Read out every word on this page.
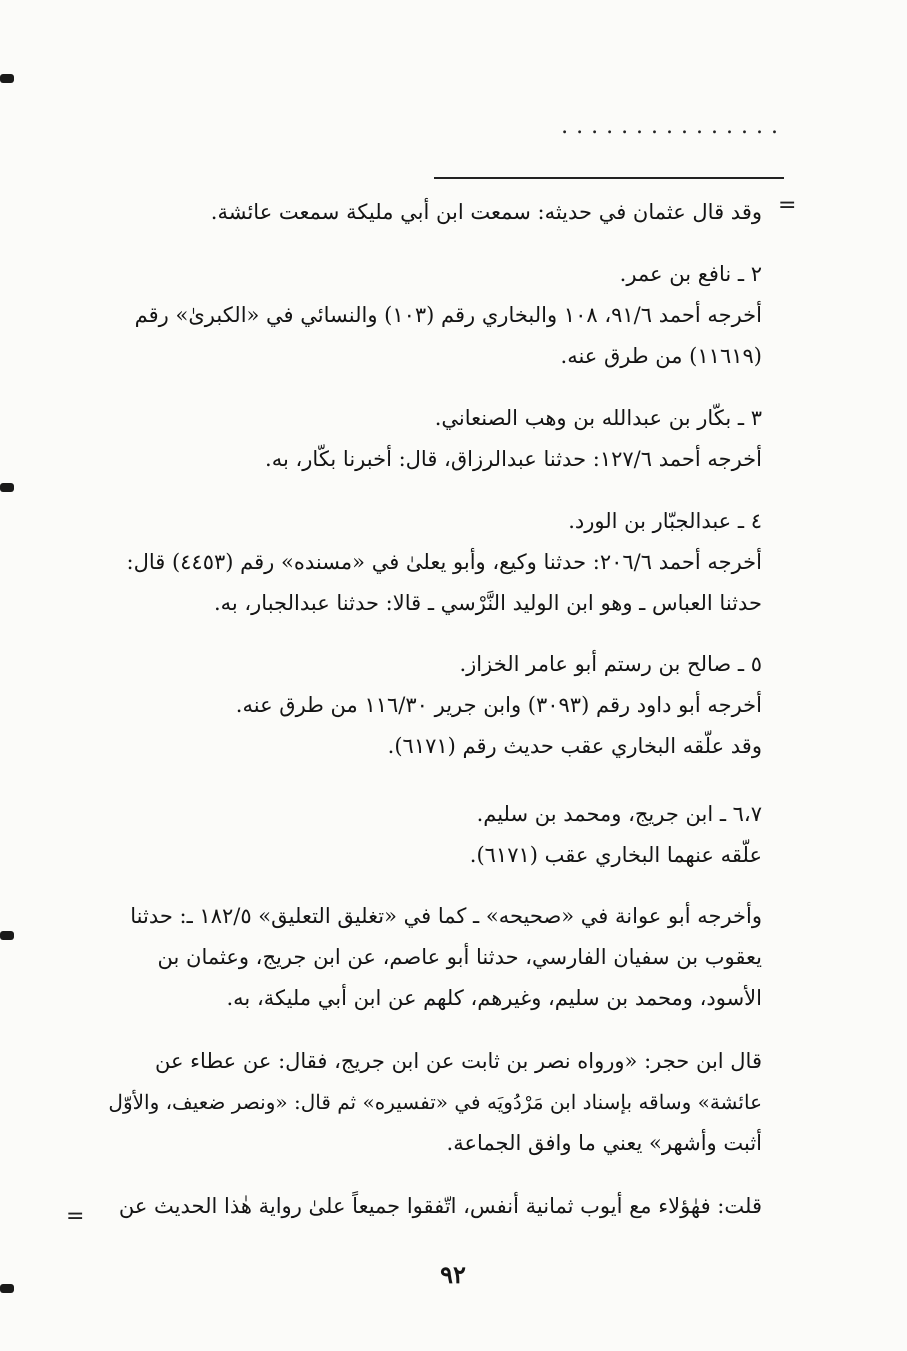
...............
=
وقد قال عثمان في حديثه: سمعت ابن أبي مليكة سمعت عائشة.
٢ ـ نافع بن عمر.
أخرجه أحمد ٩١/٦، ١٠٨ والبخاري رقم (١٠٣) والنسائي في «الكبرىٰ» رقم
(١١٦١٩) من طرق عنه.
٣ ـ بكّار بن عبدالله بن وهب الصنعاني.
أخرجه أحمد ١٢٧/٦: حدثنا عبدالرزاق، قال: أخبرنا بكّار، به.
٤ ـ عبدالجبّار بن الورد.
أخرجه أحمد ٢٠٦/٦: حدثنا وكيع، وأبو يعلىٰ في «مسنده» رقم (٤٤٥٣) قال:
حدثنا العباس ـ وهو ابن الوليد النَّرْسي ـ قالا: حدثنا عبدالجبار، به.
٥ ـ صالح بن رستم أبو عامر الخزاز.
أخرجه أبو داود رقم (٣٠٩٣) وابن جرير ١١٦/٣٠ من طرق عنه.
وقد علّقه البخاري عقب حديث رقم (٦١٧١).
٦،٧ ـ ابن جريج، ومحمد بن سليم.
علّقه عنهما البخاري عقب (٦١٧١).
وأخرجه أبو عوانة في «صحيحه» ـ كما في «تغليق التعليق» ١٨٢/٥ ـ: حدثنا
يعقوب بن سفيان الفارسي، حدثنا أبو عاصم، عن ابن جريج، وعثمان بن
الأسود، ومحمد بن سليم، وغيرهم، كلهم عن ابن أبي مليكة، به.
قال ابن حجر: «ورواه نصر بن ثابت عن ابن جريج، فقال: عن عطاء عن
عائشة» وساقه بإسناد ابن مَرْدُويَه في «تفسيره» ثم قال: «ونصر ضعيف، والأوّل
أثبت وأشهر» يعني ما وافق الجماعة.
قلت: فهٰؤلاء مع أيوب ثمانية أنفس، اتّفقوا جميعاً علىٰ رواية هٰذا الحديث عن
=
٩٢
